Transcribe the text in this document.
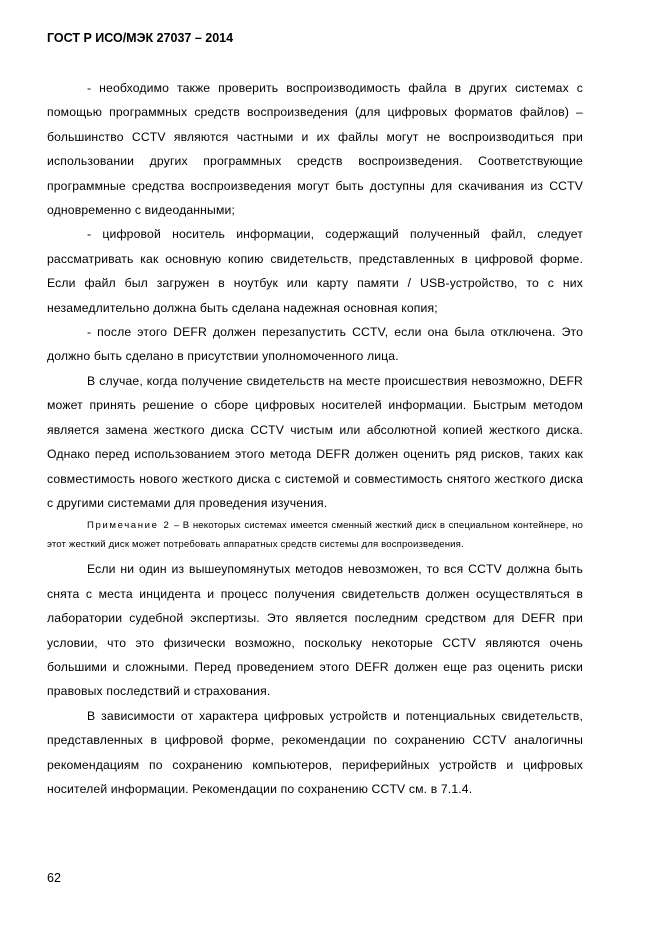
ГОСТ Р ИСО/МЭК 27037 – 2014

- необходимо также проверить воспроизводимость файла в других системах с помощью программных средств воспроизведения (для цифровых форматов файлов) – большинство CCTV являются частными и их файлы могут не воспроизводиться при использовании других программных средств воспроизведения. Соответствующие программные средства воспроизведения могут быть доступны для скачивания из CCTV одновременно с видеоданными;

- цифровой носитель информации, содержащий полученный файл, следует рассматривать как основную копию свидетельств, представленных в цифровой форме. Если файл был загружен в ноутбук или карту памяти / USB-устройство, то с них незамедлительно должна быть сделана надежная основная копия;

- после этого DEFR должен перезапустить CCTV, если она была отключена. Это должно быть сделано в присутствии уполномоченного лица.

В случае, когда получение свидетельств на месте происшествия невозможно, DEFR может принять решение о сборе цифровых носителей информации. Быстрым методом является замена жесткого диска CCTV чистым или абсолютной копией жесткого диска. Однако перед использованием этого метода DEFR должен оценить ряд рисков, таких как совместимость нового жесткого диска с системой и совместимость снятого жесткого диска с другими системами для проведения изучения.

Примечание 2 – В некоторых системах имеется сменный жесткий диск в специальном контейнере, но этот жесткий диск может потребовать аппаратных средств системы для воспроизведения.

Если ни один из вышеупомянутых методов невозможен, то вся CCTV должна быть снята с места инцидента и процесс получения свидетельств должен осуществляться в лаборатории судебной экспертизы. Это является последним средством для DEFR при условии, что это физически возможно, поскольку некоторые CCTV являются очень большими и сложными. Перед проведением этого DEFR должен еще раз оценить риски правовых последствий и страхования.

В зависимости от характера цифровых устройств и потенциальных свидетельств, представленных в цифровой форме, рекомендации по сохранению CCTV аналогичны рекомендациям по сохранению компьютеров, периферийных устройств и цифровых носителей информации. Рекомендации по сохранению CCTV см. в 7.1.4.

62
